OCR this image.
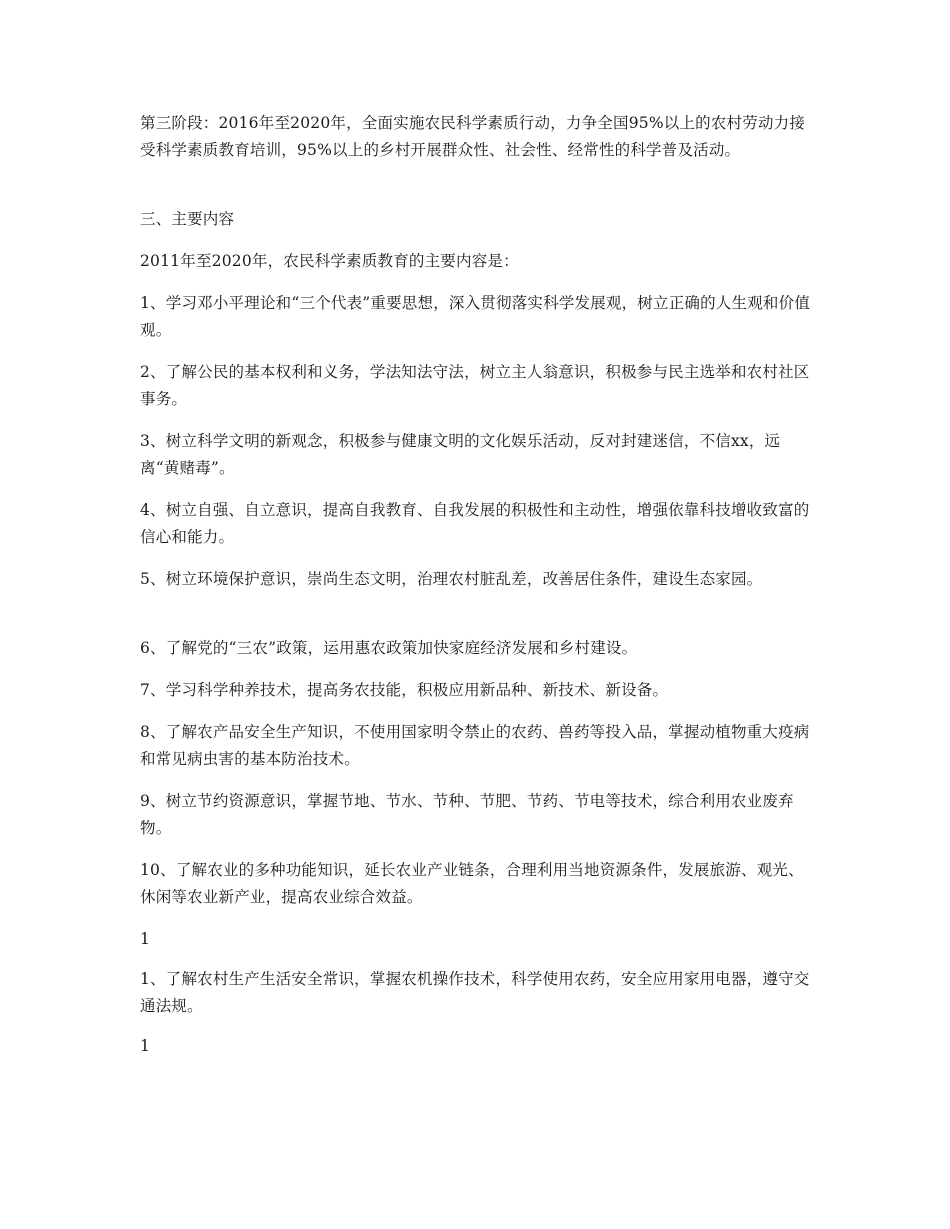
第三阶段：2016年至2020年，全面实施农民科学素质行动，力争全国95%以上的农村劳动力接受科学素质教育培训，95%以上的乡村开展群众性、社会性、经常性的科学普及活动。

三、主要内容

2011年至2020年，农民科学素质教育的主要内容是：

1、学习邓小平理论和“三个代表”重要思想，深入贯彻落实科学发展观，树立正确的人生观和价值观。

2、了解公民的基本权利和义务，学法知法守法，树立主人翁意识，积极参与民主选举和农村社区事务。

3、树立科学文明的新观念，积极参与健康文明的文化娱乐活动，反对封建迷信，不信xx，远离“黄赌毒”。

4、树立自强、自立意识，提高自我教育、自我发展的积极性和主动性，增强依靠科技增收致富的信心和能力。

5、树立环境保护意识，崇尚生态文明，治理农村脏乱差，改善居住条件，建设生态家园。

6、了解党的“三农”政策，运用惠农政策加快家庭经济发展和乡村建设。

7、学习科学种养技术，提高务农技能，积极应用新品种、新技术、新设备。

8、了解农产品安全生产知识，不使用国家明令禁止的农药、兽药等投入品，掌握动植物重大疫病和常见病虫害的基本防治技术。

9、树立节约资源意识，掌握节地、节水、节种、节肥、节药、节电等技术，综合利用农业废弃物。

10、了解农业的多种功能知识，延长农业产业链条，合理利用当地资源条件，发展旅游、观光、休闲等农业新产业，提高农业综合效益。

1

1、了解农村生产生活安全常识，掌握农机操作技术，科学使用农药，安全应用家用电器，遵守交通法规。

1
